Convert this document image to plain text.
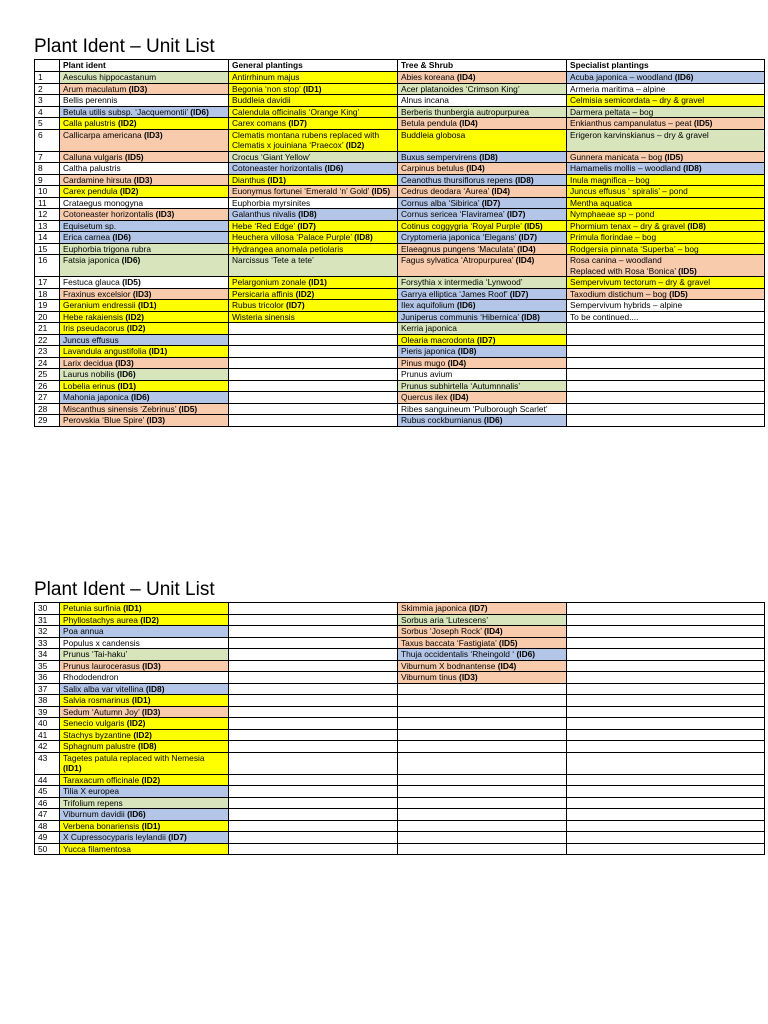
Plant Ident – Unit List
	Plant ident	General plantings	Tree & Shrub	Specialist plantings
1	Aesculus hippocastanum	Antirrhinum majus	Abies koreana (ID4)	Acuba japonica – woodland (ID6)
2	Arum maculatum (ID3)	Begonia ‘non stop’ (ID1)	Acer platanoides ‘Crimson King’	Armeria maritima – alpine
3	Bellis perennis	Buddleia davidii	Alnus incana	Celmisia semicordata – dry & gravel
4	Betula utilis subsp. ‘Jacquemontii’ (ID6)	Calendula officinalis ‘Orange King’	Berberis thunbergia autropurpurea	Darmera peltata – bog
5	Calla palustris (ID2)	Carex comans (ID7)	Betula pendula (ID4)	Enkianthus campanulatus – peat (ID5)
6	Callicarpa americana (ID3)	Clematis montana rubens replaced with Clematis x jouiniana ‘Praecox’ (ID2)	Buddleia globosa	Erigeron karvinskianus – dry & gravel
7	Calluna vulgaris (ID5)	Crocus ‘Giant Yellow’	Buxus sempervirens (ID8)	Gunnera manicata – bog (ID5)
8	Caltha palustris	Cotoneaster horizontalis (ID6)	Carpinus betulus (ID4)	Hamamelis mollis – woodland (ID8)
9	Cardamine hirsuta (ID3)	Dianthus (ID1)	Ceanothus thursiflorus repens (ID8)	Inula magnifica – bog
10	Carex pendula (ID2)	Euonymus fortunei ‘Emerald ‘n’ Gold’ (ID5)	Cedrus deodara ‘Aurea’ (ID4)	Juncus effusus ‘ spiralis’ – pond
11	Crataegus monogyna	Euphorbia myrsinites	Cornus alba ‘Sibirica’ (ID7)	Mentha aquatica
12	Cotoneaster horizontalis (ID3)	Galanthus nivalis (ID8)	Cornus sericea ‘Flaviramea’ (ID7)	Nymphaeae sp – pond
13	Equisetum sp.	Hebe ‘Red Edge’ (ID7)	Cotinus coggygria ‘Royal Purple’ (ID5)	Phormium tenax – dry & gravel (ID8)
14	Erica carnea (ID6)	Heuchera villosa ‘Palace Purple’ (ID8)	Cryptomeria japonica ‘Elegans’ (ID7)	Primula florindae – bog
15	Euphorbia trigona rubra	Hydrangea anomala petiolaris	Elaeagnus pungens ‘Maculata’ (ID4)	Rodgersia pinnata ‘Superba’ – bog
16	Fatsia japonica (ID6)	Narcissus ‘Tete a tete’	Fagus sylvatica ‘Atropurpurea’ (ID4)	Rosa canina – woodland
Replaced with Rosa ‘Bonica’ (ID5)
17	Festuca glauca (ID5)	Pelargonium zonale (ID1)	Forsythia x intermedia ‘Lynwood’	Sempervivum tectorum – dry & gravel
18	Fraxinus excelsior (ID3)	Persicaria affinis (ID2)	Garrya elliptica ‘James Roof’ (ID7)	Taxodium distichum – bog (ID5)
19	Geranium endressii (ID1)	Rubus tricolor (ID7)	Ilex aquifolium (ID6)	Sempervivum hybrids – alpine
20	Hebe rakaiensis (ID2)	Wisteria sinensis	Juniperus communis ‘Hibernica’ (ID8)	To be continued....
21	Iris pseudacorus (ID2)		Kerria japonica	
22	Juncus effusus		Olearia macrodonta (ID7)	
23	Lavandula angustifolia (ID1)		Pieris japonica (ID8)	
24	Larix decidua (ID3)		Pinus mugo (ID4)	
25	Laurus nobilis (ID6)		Prunus avium	
26	Lobelia erinus (ID1)		Prunus subhirtella ‘Autumnnalis’	
27	Mahonia japonica (ID6)		Quercus ilex (ID4)	
28	Miscanthus sinensis ‘Zebrinus’ (ID5)		Ribes sanguineum ‘Pulborough Scarlet’	
29	Perovskia ‘Blue Spire’ (ID3)		Rubus cockburnianus (ID6)	
Plant Ident – Unit List
30	Petunia surfinia (ID1)		Skimmia japonica (ID7)	
31	Phyllostachys aurea (ID2)		Sorbus aria ‘Lutescens’	
32	Poa annua		Sorbus ‘Joseph Rock’ (ID4)	
33	Populus x candensis		Taxus baccata ‘Fastigiata’ (ID5)	
34	Prunus ‘Tai-haku’		Thuja occidentalis ‘Rheingold ‘ (ID6)	
35	Prunus laurocerasus (ID3)		Viburnum X bodnantense (ID4)	
36	Rhododendron		Viburnum tinus (ID3)	
37	Salix alba var vitellina (ID8)			
38	Salvia rosmarinus (ID1)			
39	Sedum ‘Autumn Joy’ (ID3)			
40	Senecio vulgaris (ID2)			
41	Stachys byzantine (ID2)			
42	Sphagnum palustre (ID8)			
43	Tagetes patula replaced with Nemesia (ID1)			
44	Taraxacum officinale (ID2)			
45	Tilia X europea			
46	Trifolium repens			
47	Viburnum davidii (ID6)			
48	Verbena bonariensis (ID1)			
49	X Cupressocyparis leylandii (ID7)			
50	Yucca filamentosa			
